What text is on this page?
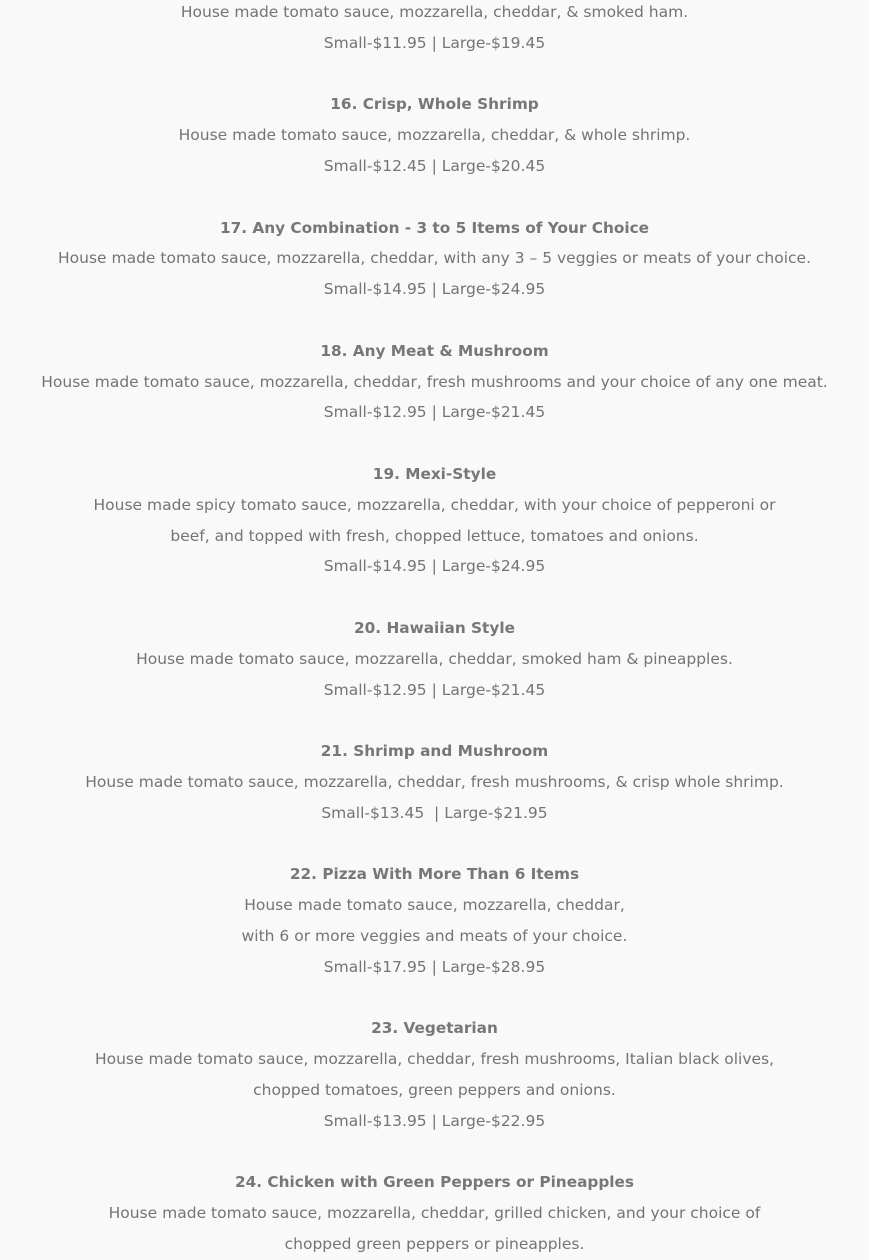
House made tomato sauce, mozzarella, cheddar, & smoked ham.
Small-$11.95 | Large-$19.45
16. Crisp, Whole Shrimp
House made tomato sauce, mozzarella, cheddar, & whole shrimp.
Small-$12.45 | Large-$20.45
17. Any Combination - 3 to 5 Items of Your Choice
House made tomato sauce, mozzarella, cheddar, with any 3 – 5 veggies or meats of your choice.
Small-$14.95 | Large-$24.95
18. Any Meat & Mushroom
House made tomato sauce, mozzarella, cheddar, fresh mushrooms and your choice of any one meat.
Small-$12.95 | Large-$21.45
19. Mexi-Style
House made spicy tomato sauce, mozzarella, cheddar, with your choice of pepperoni or
beef, and topped with fresh, chopped lettuce, tomatoes and onions.
Small-$14.95 | Large-$24.95
20. Hawaiian Style
House made tomato sauce, mozzarella, cheddar, smoked ham & pineapples.
Small-$12.95 | Large-$21.45
21. Shrimp and Mushroom
House made tomato sauce, mozzarella, cheddar, fresh mushrooms, & crisp whole shrimp.
Small-$13.45  | Large-$21.95
22. Pizza With More Than 6 Items
House made tomato sauce, mozzarella, cheddar,
with 6 or more veggies and meats of your choice.
Small-$17.95 | Large-$28.95
23. Vegetarian
House made tomato sauce, mozzarella, cheddar, fresh mushrooms, Italian black olives,
chopped tomatoes, green peppers and onions.
Small-$13.95 | Large-$22.95
24. Chicken with Green Peppers or Pineapples
House made tomato sauce, mozzarella, cheddar, grilled chicken, and your choice of
chopped green peppers or pineapples.
